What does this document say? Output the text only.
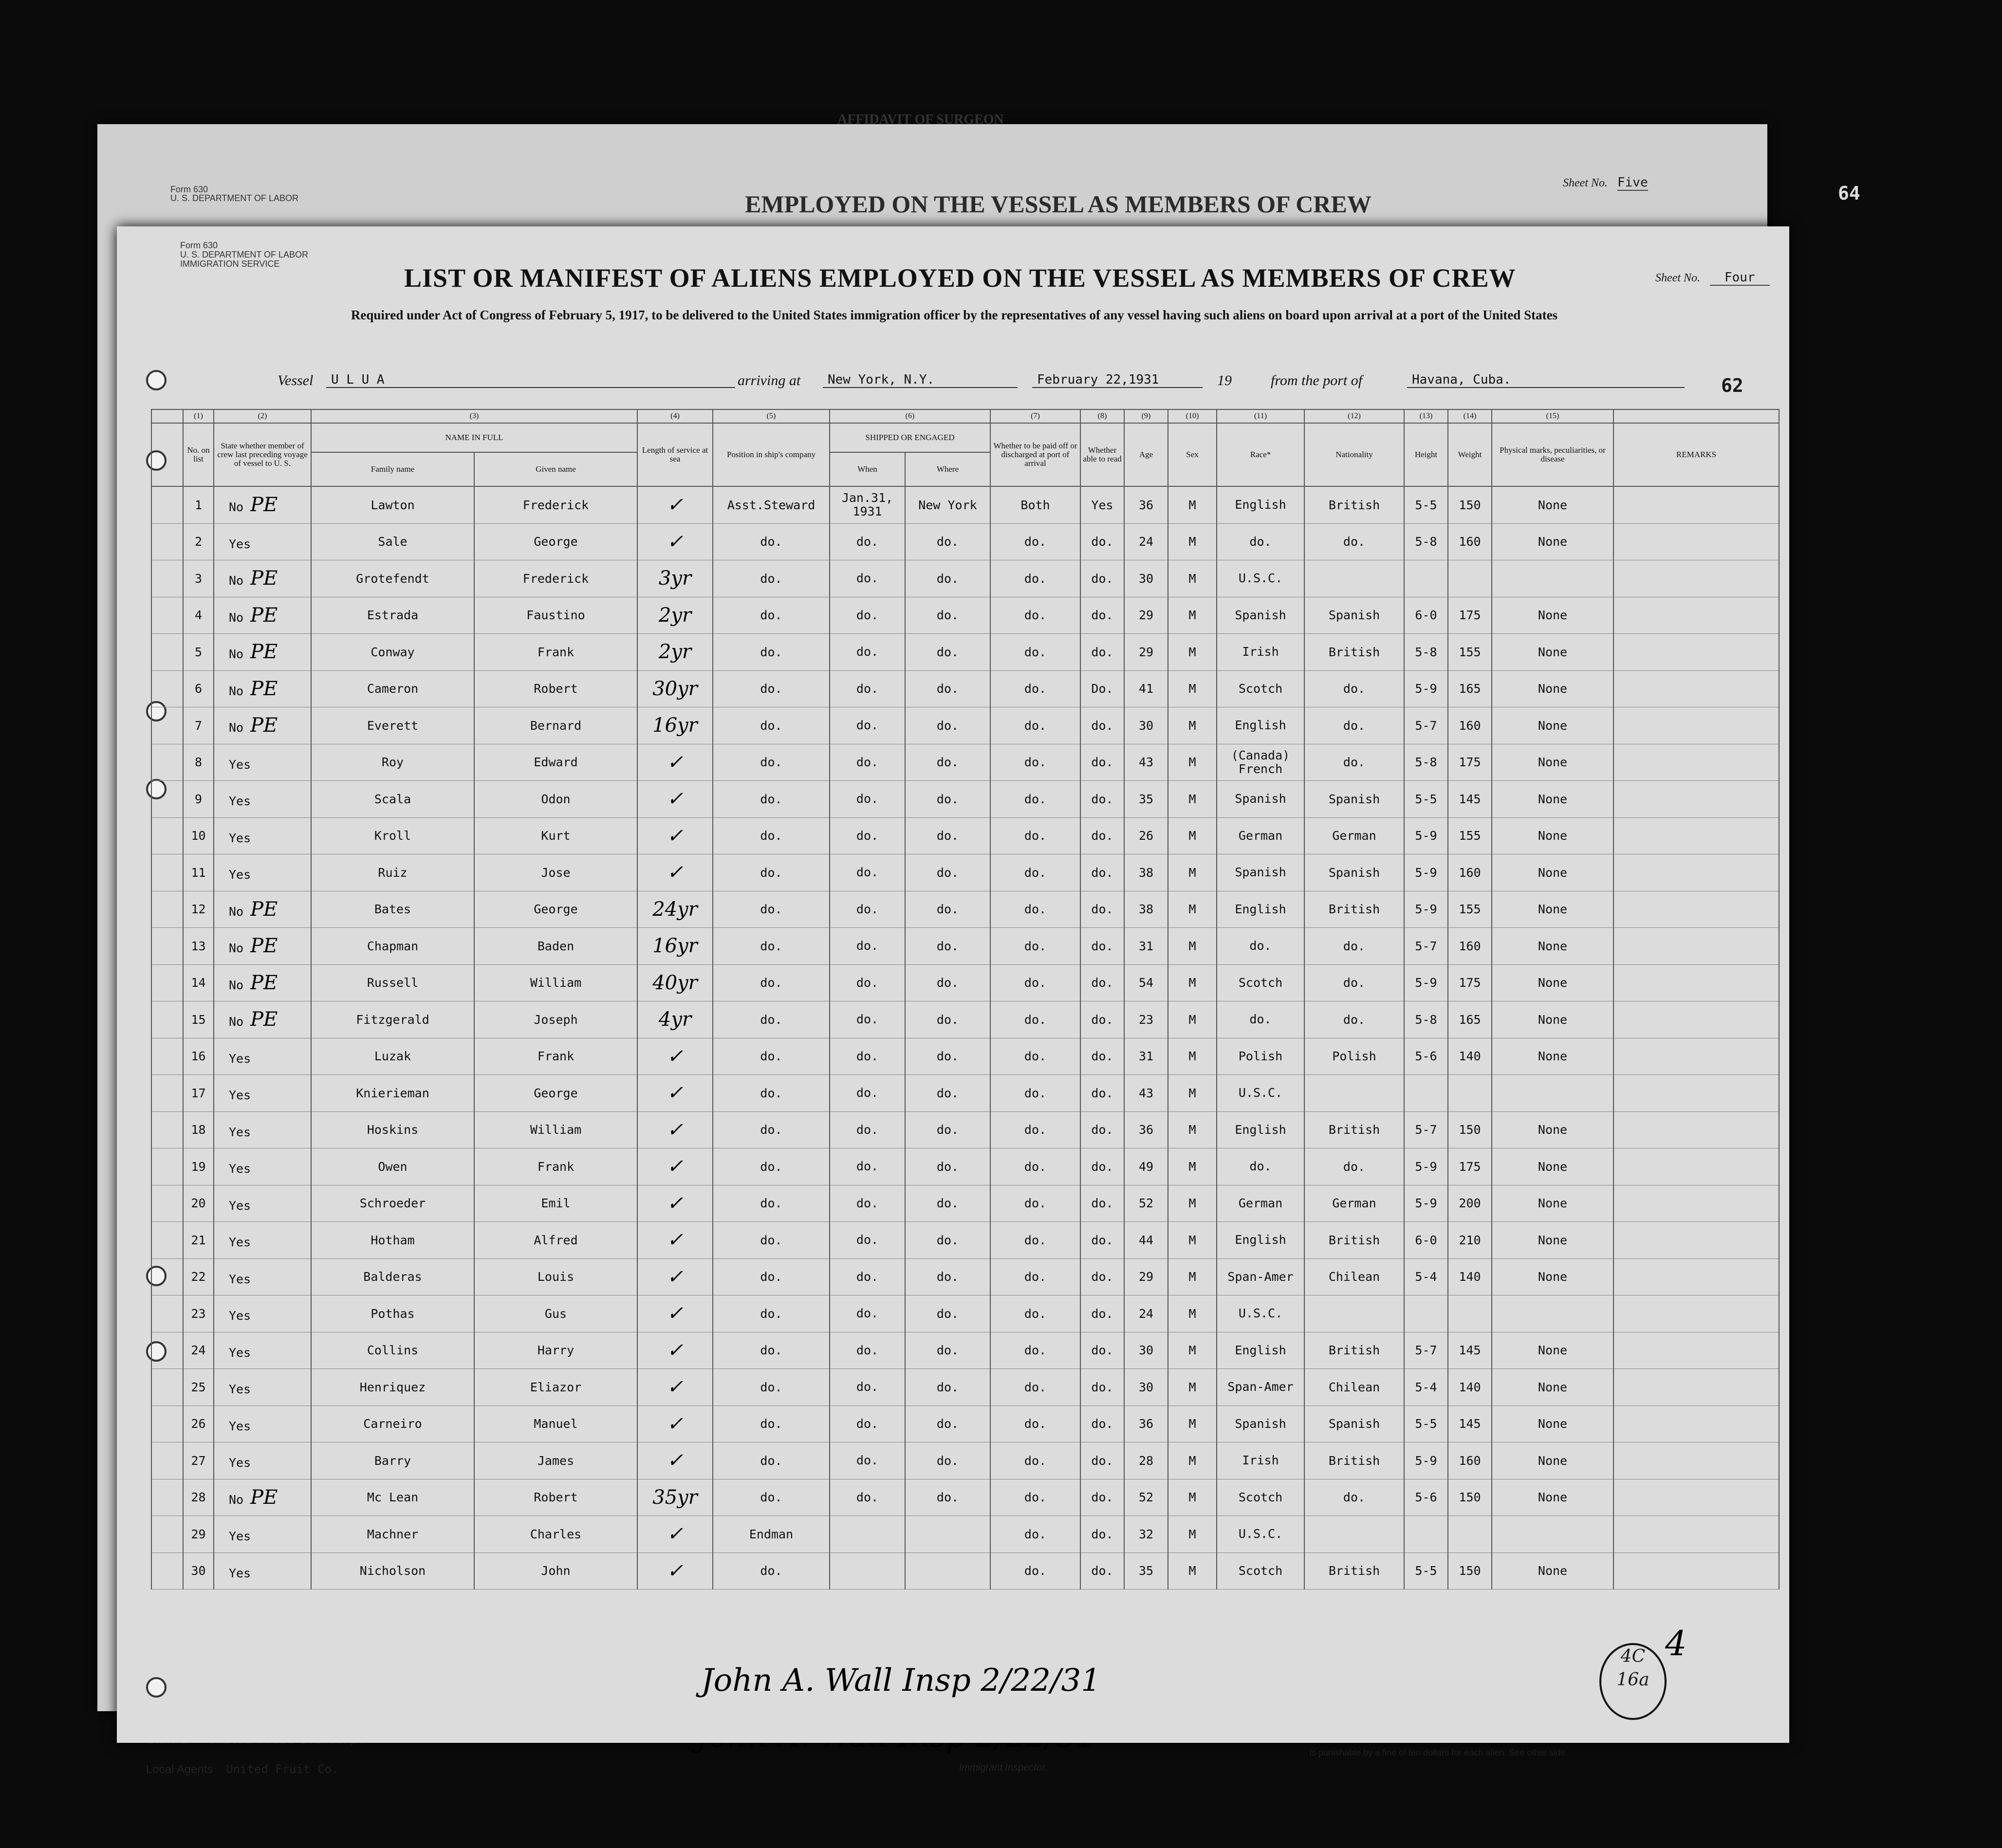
AFFIDAVIT OF SURGEON
Form 630
U. S. DEPARTMENT OF LABOR	EMPLOYED ON THE VESSEL AS MEMBERS OF CREW
Sheet No. Five	64
Local Agents United Fruit Co.	Immigrant Inspector.
is punishable by a fine of ten dollars for each alien. See other side.
Form 630
U. S. DEPARTMENT OF LABOR
IMMIGRATION SERVICE	LIST OR MANIFEST OF ALIENS EMPLOYED ON THE VESSEL AS MEMBERS OF CREW	Sheet No. Four
Required under Act of Congress of February 5, 1917, to be delivered to the United States immigration officer by the representatives of any vessel having such aliens on board upon arrival at a port of the United States
Vessel	U L U A	arriving at	New York, N.Y.	February 22,1931	19	from the port of	Havana, Cuba.	62
	(1)	(2)	(3)		(4)	(5)	(6)		(7)	(8)	(9)	(10)	(11)	(12)	(13)	(14)	(15)	
	No. on list	State whether member of crew last preceding voyage of vessel to U. S.	NAME IN FULL		Length of service at sea	Position in ship's company	SHIPPED OR ENGAGED		Whether to be paid off or discharged at port of arrival	Whether able to read	Age	Sex	Race*	Nationality	Height	Weight	Physical marks, peculiarities, or disease	REMARKS
			Family name	Given name			When	Where										
	1	No PE	Lawton	Frederick	✓	Asst.Steward	Jan.31, 1931	New York	Both	Yes	36	M	English	British	5-5	150	None	
	2	Yes	Sale	George	✓	do.	do.	do.	do.	do.	24	M	do.	do.	5-8	160	None	
	3	No PE	Grotefendt	Frederick	3yr	do.	do.	do.	do.	do.	30	M	U.S.C.					
	4	No PE	Estrada	Faustino	2yr	do.	do.	do.	do.	do.	29	M	Spanish	Spanish	6-0	175	None	
	5	No PE	Conway	Frank	2yr	do.	do.	do.	do.	do.	29	M	Irish	British	5-8	155	None	
	6	No PE	Cameron	Robert	30yr	do.	do.	do.	do.	Do.	41	M	Scotch	do.	5-9	165	None	
	7	No PE	Everett	Bernard	16yr	do.	do.	do.	do.	do.	30	M	English	do.	5-7	160	None	
	8	Yes	Roy	Edward	✓	do.	do.	do.	do.	do.	43	M	(Canada) French	do.	5-8	175	None	
	9	Yes	Scala	Odon	✓	do.	do.	do.	do.	do.	35	M	Spanish	Spanish	5-5	145	None	
	10	Yes	Kroll	Kurt	✓	do.	do.	do.	do.	do.	26	M	German	German	5-9	155	None	
	11	Yes	Ruiz	Jose	✓	do.	do.	do.	do.	do.	38	M	Spanish	Spanish	5-9	160	None	
	12	No PE	Bates	George	24yr	do.	do.	do.	do.	do.	38	M	English	British	5-9	155	None	
	13	No PE	Chapman	Baden	16yr	do.	do.	do.	do.	do.	31	M	do.	do.	5-7	160	None	
	14	No PE	Russell	William	40yr	do.	do.	do.	do.	do.	54	M	Scotch	do.	5-9	175	None	
	15	No PE	Fitzgerald	Joseph	4yr	do.	do.	do.	do.	do.	23	M	do.	do.	5-8	165	None	
	16	Yes	Luzak	Frank	✓	do.	do.	do.	do.	do.	31	M	Polish	Polish	5-6	140	None	
	17	Yes	Knierieman	George	✓	do.	do.	do.	do.	do.	43	M	U.S.C.					
	18	Yes	Hoskins	William	✓	do.	do.	do.	do.	do.	36	M	English	British	5-7	150	None	
	19	Yes	Owen	Frank	✓	do.	do.	do.	do.	do.	49	M	do.	do.	5-9	175	None	
	20	Yes	Schroeder	Emil	✓	do.	do.	do.	do.	do.	52	M	German	German	5-9	200	None	
	21	Yes	Hotham	Alfred	✓	do.	do.	do.	do.	do.	44	M	English	British	6-0	210	None	
	22	Yes	Balderas	Louis	✓	do.	do.	do.	do.	do.	29	M	Span-Amer	Chilean	5-4	140	None	
	23	Yes	Pothas	Gus	✓	do.	do.	do.	do.	do.	24	M	U.S.C.					
	24	Yes	Collins	Harry	✓	do.	do.	do.	do.	do.	30	M	English	British	5-7	145	None	
	25	Yes	Henriquez	Eliazor	✓	do.	do.	do.	do.	do.	30	M	Span-Amer	Chilean	5-4	140	None	
	26	Yes	Carneiro	Manuel	✓	do.	do.	do.	do.	do.	36	M	Spanish	Spanish	5-5	145	None	
	27	Yes	Barry	James	✓	do.	do.	do.	do.	do.	28	M	Irish	British	5-9	160	None	
	28	No PE	Mc Lean	Robert	35yr	do.	do.	do.	do.	do.	52	M	Scotch	do.	5-6	150	None	
	29	Yes	Machner	Charles	✓	Endman			do.	do.	32	M	U.S.C.					
	30	Yes	Nicholson	John	✓	do.			do.	do.	35	M	Scotch	British	5-5	150	None	
John A. Wall Insp 2/22/31
4C
16a
4
